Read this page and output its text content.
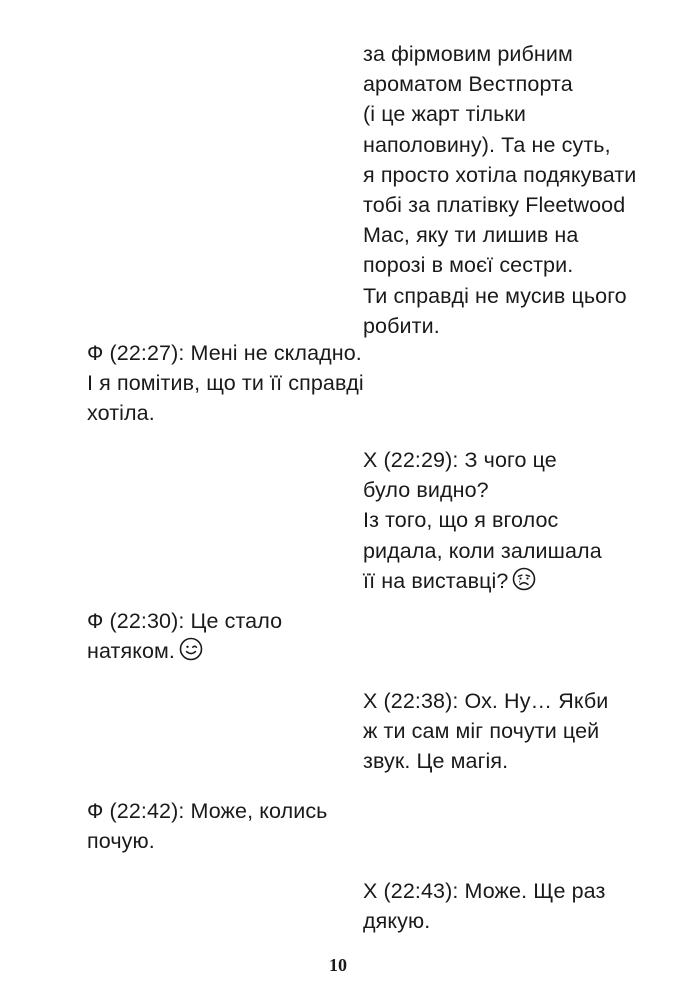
за фірмовим рибним
ароматом Вестпорта
(і це жарт тільки
наполовину). Та не суть,
я просто хотіла подякувати
тобі за платівку Fleetwood
Mac, яку ти лишив на
порозі в моєї сестри.
Ти справді не мусив цього
робити.
Ф (22:27): Мені не складно.
І я помітив, що ти її справді
хотіла.
Х (22:29): З чого це
було видно?
Із того, що я вголос
ридала, коли залишала
її на виставці?
Ф (22:30): Це стало
натяком.
Х (22:38): Ох. Ну… Якби
ж ти сам міг почути цей
звук. Це магія.
Ф (22:42): Може, колись
почую.
Х (22:43): Може. Ще раз
дякую.
10
